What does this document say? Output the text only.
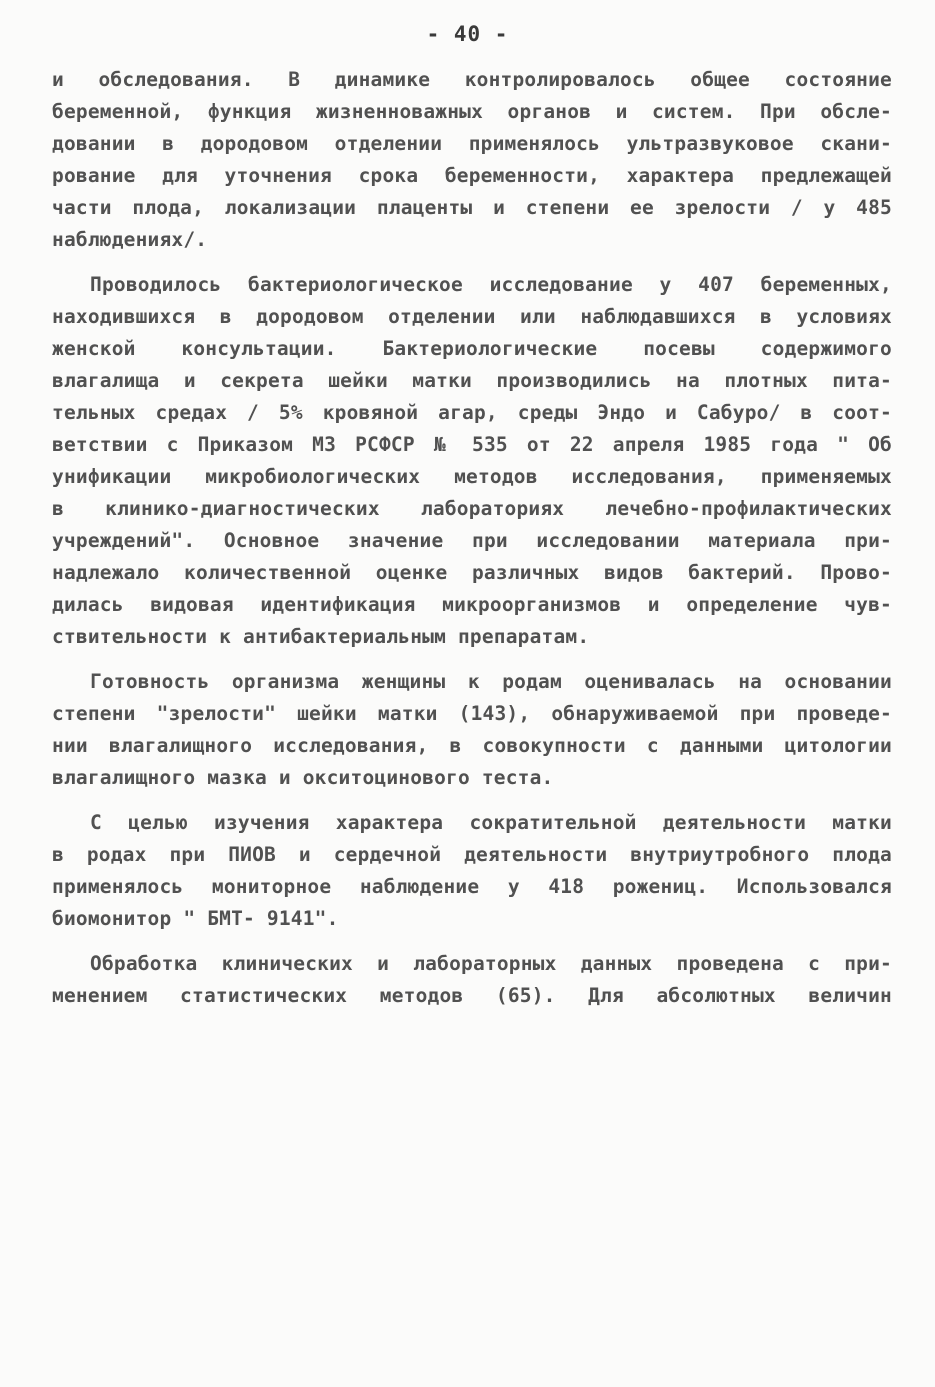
- 40 -
и обследования. В динамике контролировалось общее состояние
беременной, функция жизненноважных органов и систем. При обсле-
довании в дородовом отделении применялось ультразвуковое скани-
рование для уточнения срока беременности, характера предлежащей
части плода, локализации плаценты и степени ее зрелости / у 485
наблюдениях/.
Проводилось бактериологическое исследование у 407 беременных,
находившихся в дородовом отделении или наблюдавшихся в условиях
женской консультации. Бактериологические посевы содержимого
влагалища и секрета шейки матки производились на плотных пита-
тельных средах / 5% кровяной агар, среды Эндо и Сабуро/ в соот-
ветствии с Приказом МЗ РСФСР № 535 от 22 апреля 1985 года " Об
унификации микробиологических методов исследования, применяемых
в клинико-диагностических лабораториях лечебно-профилактических
учреждений". Основное значение при исследовании материала при-
надлежало количественной оценке различных видов бактерий. Прово-
дилась видовая идентификация микроорганизмов и определение чув-
ствительности к антибактериальным препаратам.
Готовность организма женщины к родам оценивалась на основании
степени "зрелости" шейки матки (143), обнаруживаемой при проведе-
нии влагалищного исследования, в совокупности с данными цитологии
влагалищного мазка и окситоцинового теста.
С целью изучения характера сократительной деятельности матки
в родах при ПИОВ и сердечной деятельности внутриутробного плода
применялось мониторное наблюдение у 418 рожениц. Использовался
биомонитор " БМТ- 9141".
Обработка клинических и лабораторных данных проведена с при-
менением статистических методов (65). Для абсолютных величин
